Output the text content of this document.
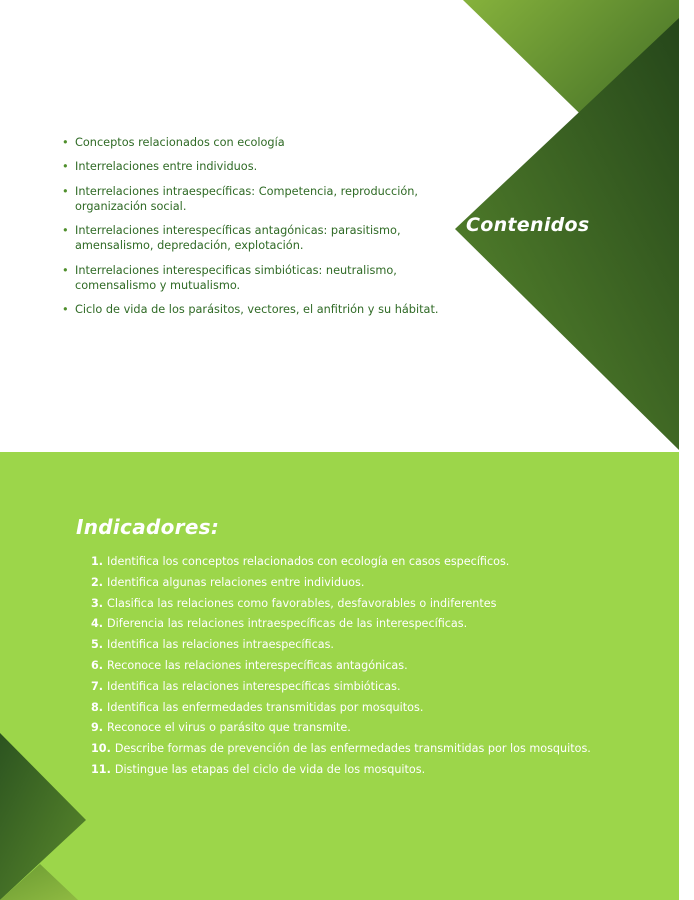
• Conceptos relacionados con ecología
• Interrelaciones entre individuos.
• Interrelaciones intraespecíficas: Competencia, reproducción,
organización social.
• Interrelaciones interespecíficas antagónicas: parasitismo,
amensalismo, depredación, explotación.
• Interrelaciones interespecificas simbióticas: neutralismo,
comensalismo y mutualismo.
• Ciclo de vida de los parásitos, vectores, el anfitrión y su hábitat.
Contenidos
Indicadores:
1. Identifica los conceptos relacionados con ecología en casos específicos.
2. Identifica algunas relaciones entre individuos.
3. Clasifica las relaciones como favorables, desfavorables o indiferentes
4. Diferencia las relaciones intraespecíficas de las interespecíficas.
5. Identifica las relaciones intraespecíficas.
6. Reconoce las relaciones interespecíficas antagónicas.
7. Identifica las relaciones interespecíficas simbióticas.
8. Identifica las enfermedades transmitidas por mosquitos.
9. Reconoce el virus o parásito que transmite.
10. Describe formas de prevención de las enfermedades transmitidas por los mosquitos.
11. Distingue las etapas del ciclo de vida de los mosquitos.
